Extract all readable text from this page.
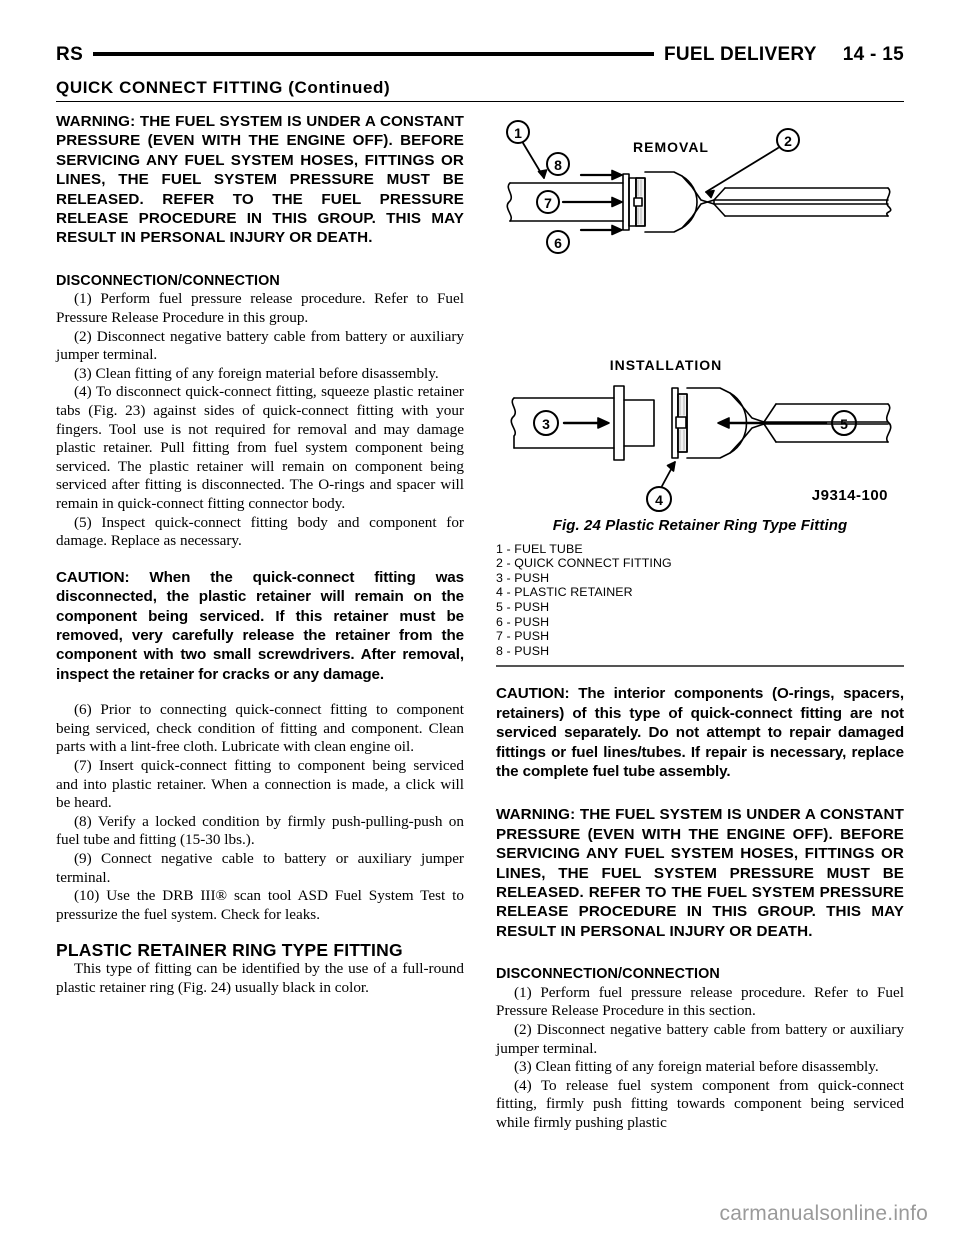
RS	FUEL DELIVERY 14 - 15
QUICK CONNECT FITTING (Continued)

WARNING: THE FUEL SYSTEM IS UNDER A CONSTANT PRESSURE (EVEN WITH THE ENGINE OFF). BEFORE SERVICING ANY FUEL SYSTEM HOSES, FITTINGS OR LINES, THE FUEL SYSTEM PRESSURE MUST BE RELEASED. REFER TO THE FUEL PRESSURE RELEASE PROCEDURE IN THIS GROUP. THIS MAY RESULT IN PERSONAL INJURY OR DEATH.

DISCONNECTION/CONNECTION

(1) Perform fuel pressure release procedure. Refer to Fuel Pressure Release Procedure in this group.

(2) Disconnect negative battery cable from battery or auxiliary jumper terminal.

(3) Clean fitting of any foreign material before disassembly.

(4) To disconnect quick-connect fitting, squeeze plastic retainer tabs (Fig. 23) against sides of quick-connect fitting with your fingers. Tool use is not required for removal and may damage plastic retainer. Pull fitting from fuel system component being serviced. The plastic retainer will remain on component being serviced after fitting is disconnected. The O-rings and spacer will remain in quick-connect fitting connector body.

(5) Inspect quick-connect fitting body and component for damage. Replace as necessary.

CAUTION: When the quick-connect fitting was disconnected, the plastic retainer will remain on the component being serviced. If this retainer must be removed, very carefully release the retainer from the component with two small screwdrivers. After removal, inspect the retainer for cracks or any damage.

(6) Prior to connecting quick-connect fitting to component being serviced, check condition of fitting and component. Clean parts with a lint-free cloth. Lubricate with clean engine oil.

(7) Insert quick-connect fitting to component being serviced and into plastic retainer. When a connection is made, a click will be heard.

(8) Verify a locked condition by firmly push-pulling-push on fuel tube and fitting (15-30 lbs.).

(9) Connect negative cable to battery or auxiliary jumper terminal.

(10) Use the DRB III® scan tool ASD Fuel System Test to pressurize the fuel system. Check for leaks.

PLASTIC RETAINER RING TYPE FITTING

This type of fitting can be identified by the use of a full-round plastic retainer ring (Fig. 24) usually black in color.

1
REMOVAL	2
8
7
6
INSTALLATION
3	5
4	J9314-100

Fig. 24 Plastic Retainer Ring Type Fitting

1 - FUEL TUBE

2 - QUICK CONNECT FITTING

3 - PUSH

4 - PLASTIC RETAINER

5 - PUSH

6 - PUSH

7 - PUSH

8 - PUSH

CAUTION: The interior components (O-rings, spacers, retainers) of this type of quick-connect fitting are not serviced separately. Do not attempt to repair damaged fittings or fuel lines/tubes. If repair is necessary, replace the complete fuel tube assembly.

WARNING: THE FUEL SYSTEM IS UNDER A CONSTANT PRESSURE (EVEN WITH THE ENGINE OFF). BEFORE SERVICING ANY FUEL SYSTEM HOSES, FITTINGS OR LINES, THE FUEL SYSTEM PRESSURE MUST BE RELEASED. REFER TO THE FUEL SYSTEM PRESSURE RELEASE PROCEDURE IN THIS GROUP. THIS MAY RESULT IN PERSONAL INJURY OR DEATH.

DISCONNECTION/CONNECTION

(1) Perform fuel pressure release procedure. Refer to Fuel Pressure Release Procedure in this section.

(2) Disconnect negative battery cable from battery or auxiliary jumper terminal.

(3) Clean fitting of any foreign material before disassembly.

(4) To release fuel system component from quick-connect fitting, firmly push fitting towards component being serviced while firmly pushing plastic

carmanualsonline.info
